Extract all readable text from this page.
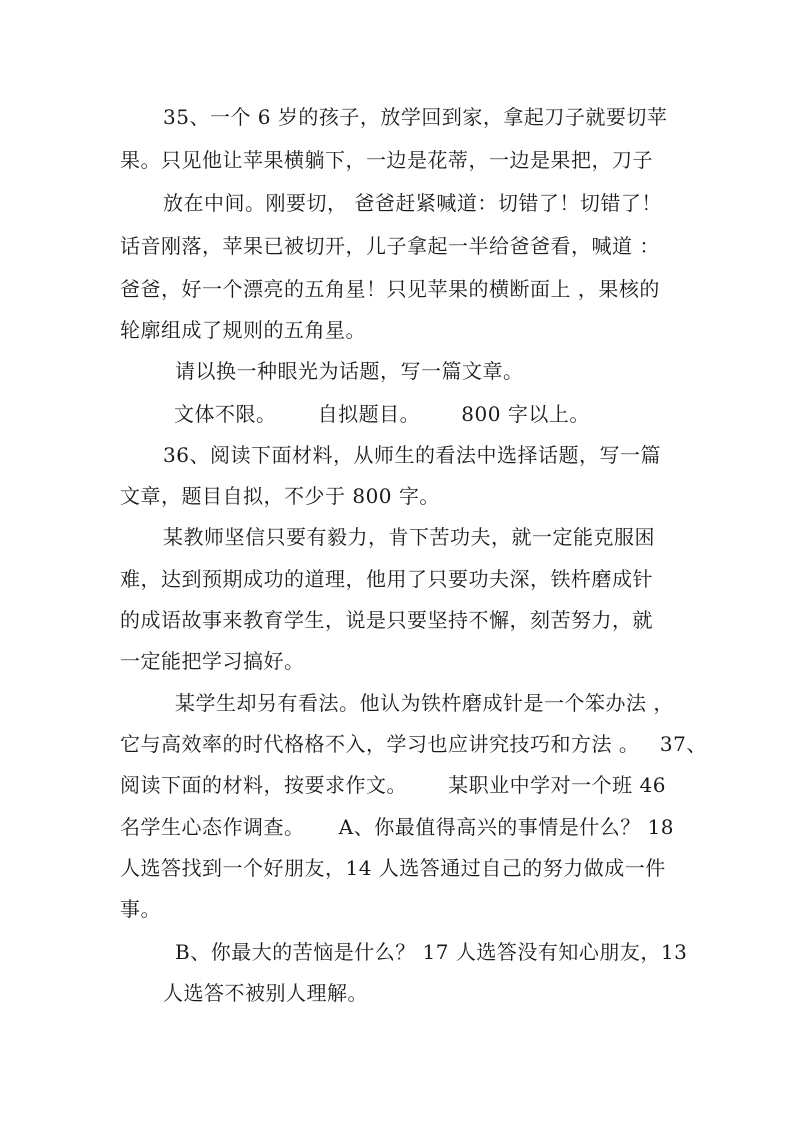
35、一个 6 岁的孩子，放学回到家，拿起刀子就要切苹
果。只见他让苹果横躺下，一边是花蒂，一边是果把，刀子
放在中间。刚要切， 爸爸赶紧喊道：切错了！切错了！
话音刚落，苹果已被切开，儿子拿起一半给爸爸看，喊道 ：
爸爸，好一个漂亮的五角星！只见苹果的横断面上 ，果核的
轮廓组成了规则的五角星。
请以换一种眼光为话题，写一篇文章。
文体不限。      自拟题目。      800 字以上。
36、阅读下面材料，从师生的看法中选择话题，写一篇
文章，题目自拟，不少于 800 字。
某教师坚信只要有毅力，肯下苦功夫，就一定能克服困
难，达到预期成功的道理，他用了只要功夫深，铁杵磨成针
的成语故事来教育学生，说是只要坚持不懈，刻苦努力，就
一定能把学习搞好。
某学生却另有看法。他认为铁杵磨成针是一个笨办法 ，
它与高效率的时代格格不入，学习也应讲究技巧和方法 。   37、
阅读下面的材料，按要求作文。      某职业中学对一个班 46
名学生心态作调查。     A、你最值得高兴的事情是什么？ 18
人选答找到一个好朋友，14 人选答通过自己的努力做成一件
事。
B、你最大的苦恼是什么？ 17 人选答没有知心朋友，13
人选答不被别人理解。
